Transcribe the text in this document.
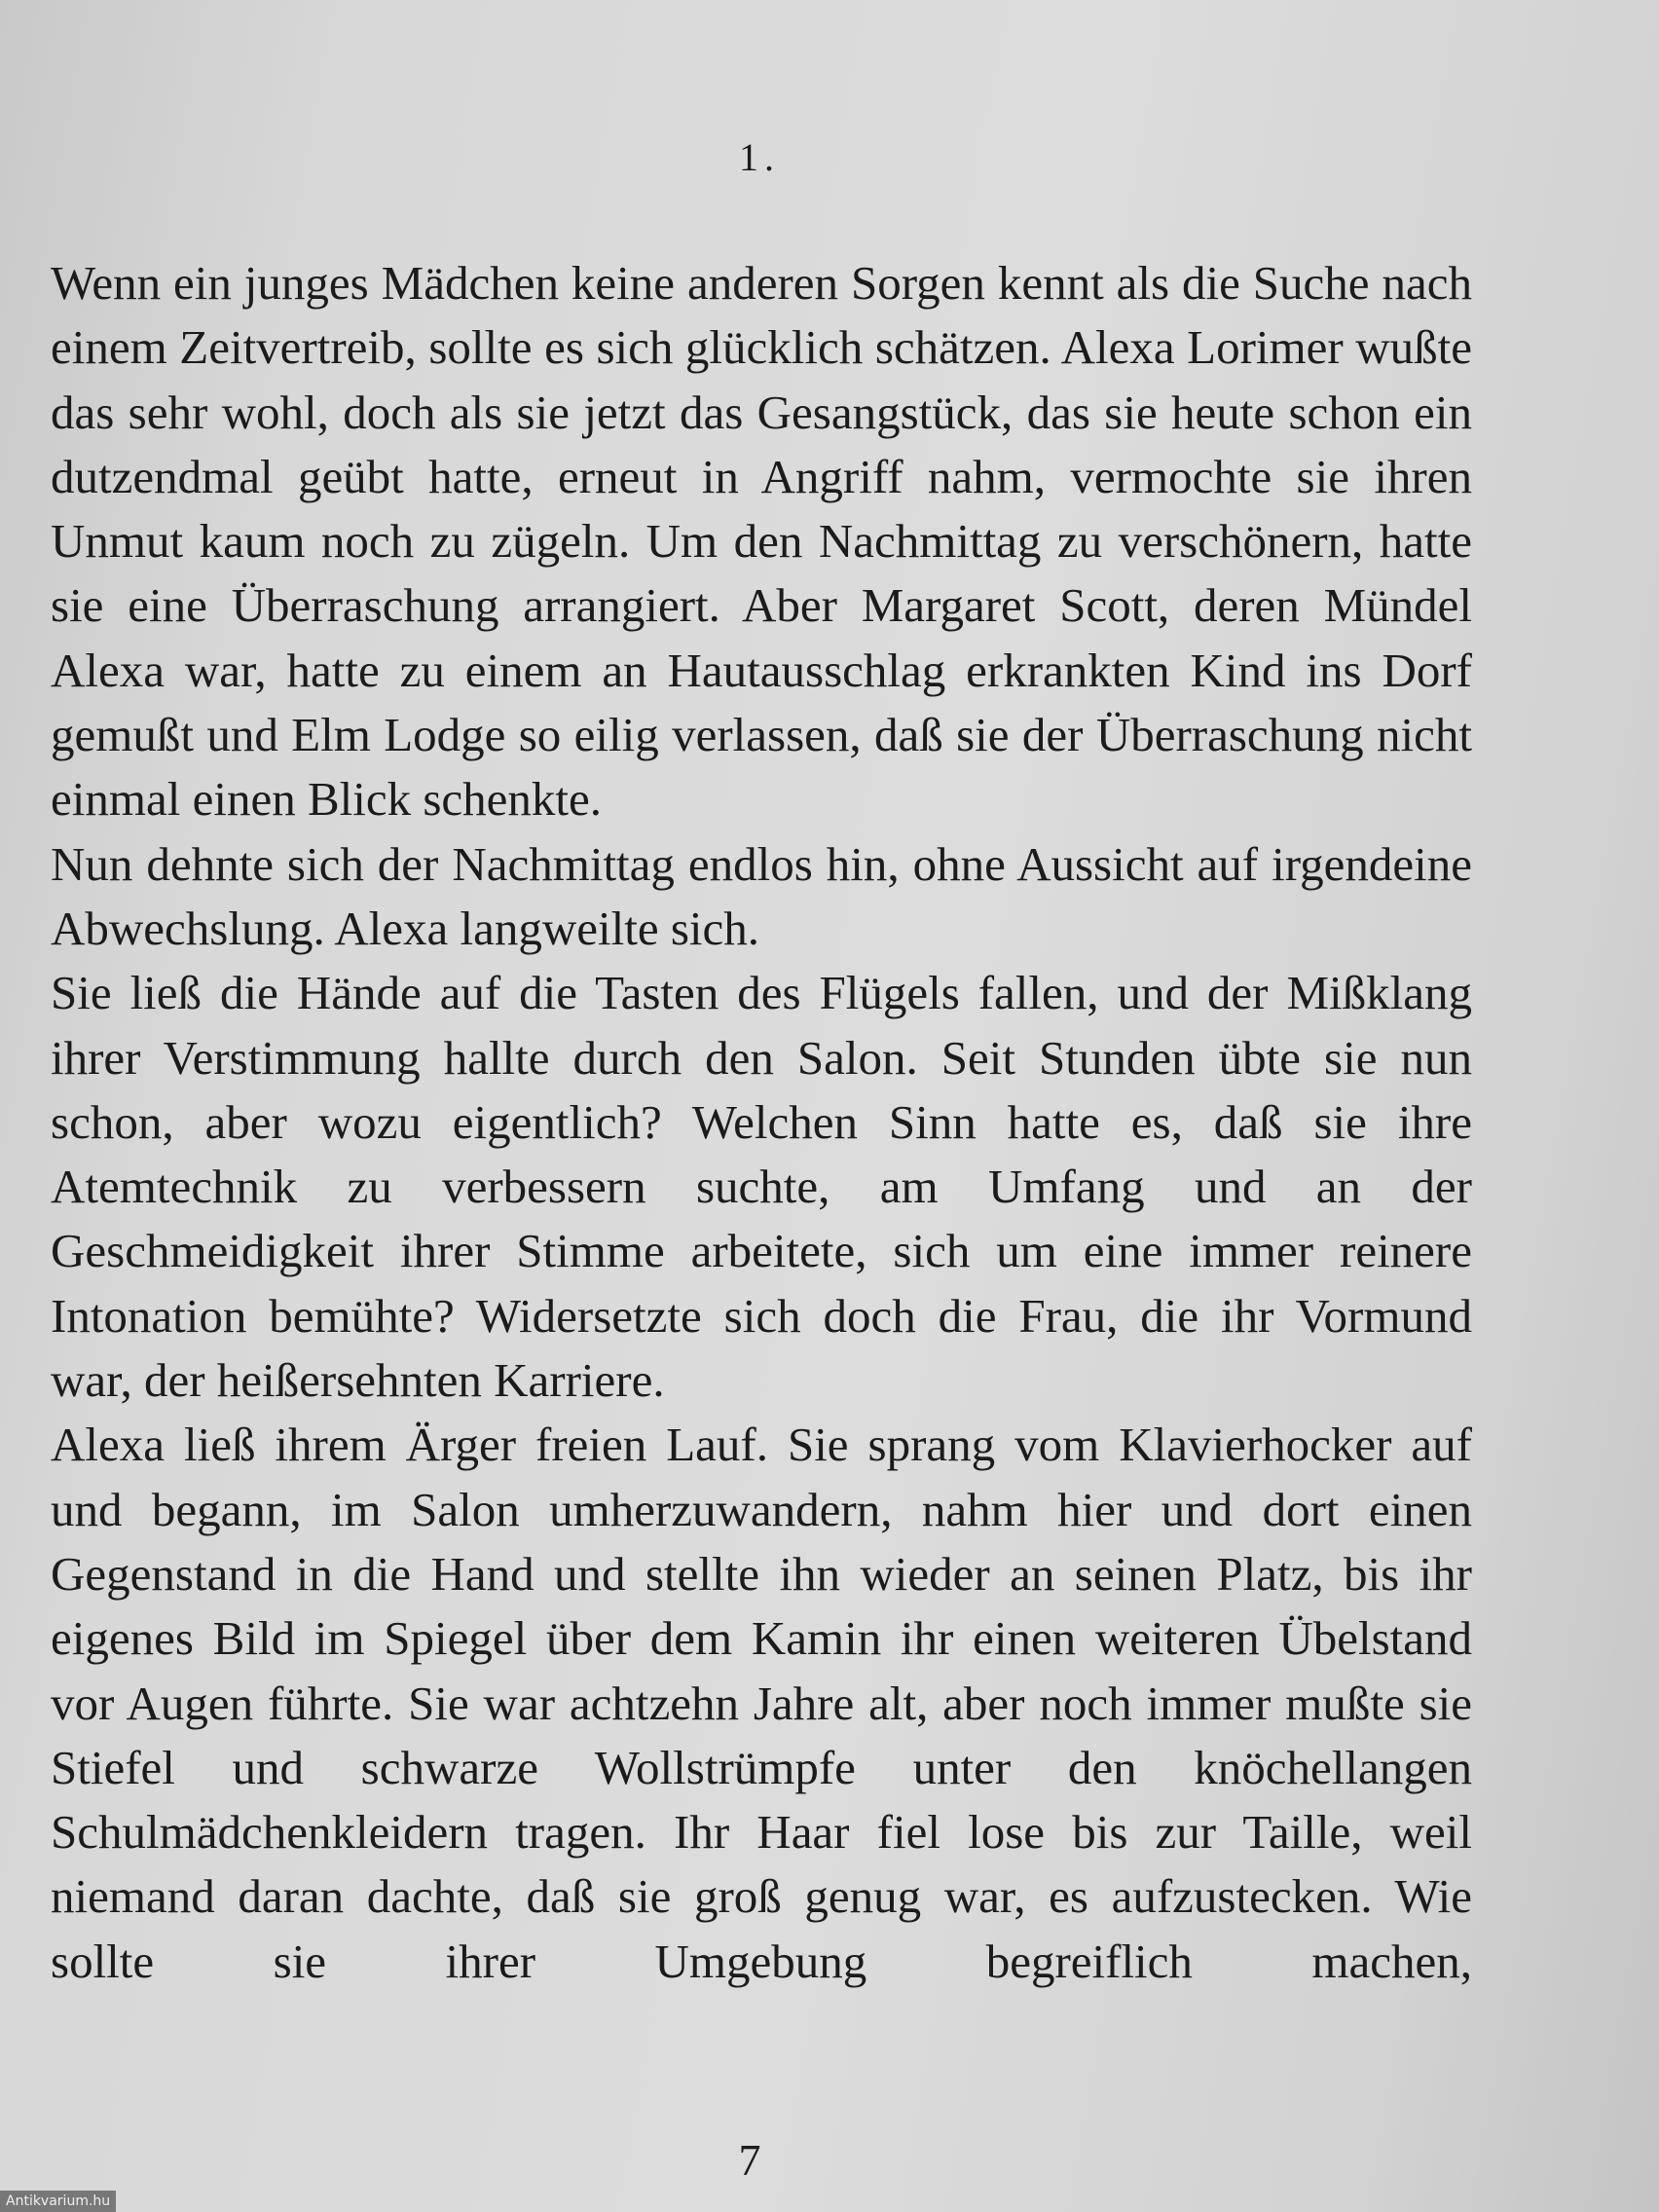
1.

Wenn ein junges Mädchen keine anderen Sorgen kennt als die Suche nach einem Zeitvertreib, sollte es sich glücklich schätzen. Alexa Lorimer wußte das sehr wohl, doch als sie jetzt das Gesangstück, das sie heute schon ein dutzendmal geübt hatte, erneut in Angriff nahm, vermochte sie ihren Unmut kaum noch zu zügeln. Um den Nachmittag zu verschönern, hatte sie eine Überraschung arrangiert. Aber Margaret Scott, deren Mündel Alexa war, hatte zu einem an Hautausschlag erkrankten Kind ins Dorf gemußt und Elm Lodge so eilig verlassen, daß sie der Überraschung nicht einmal einen Blick schenkte.

Nun dehnte sich der Nachmittag endlos hin, ohne Aussicht auf irgendeine Abwechslung. Alexa langweilte sich.

Sie ließ die Hände auf die Tasten des Flügels fallen, und der Mißklang ihrer Verstimmung hallte durch den Salon. Seit Stunden übte sie nun schon, aber wozu eigentlich? Welchen Sinn hatte es, daß sie ihre Atemtechnik zu verbessern suchte, am Umfang und an der Geschmeidigkeit ihrer Stimme arbeitete, sich um eine immer reinere Intonation bemühte? Widersetzte sich doch die Frau, die ihr Vormund war, der heißersehnten Karriere.

Alexa ließ ihrem Ärger freien Lauf. Sie sprang vom Klavierhocker auf und begann, im Salon umherzuwandern, nahm hier und dort einen Gegenstand in die Hand und stellte ihn wieder an seinen Platz, bis ihr eigenes Bild im Spiegel über dem Kamin ihr einen weiteren Übelstand vor Augen führte. Sie war achtzehn Jahre alt, aber noch immer mußte sie Stiefel und schwarze Wollstrümpfe unter den knöchellangen Schulmädchenkleidern tragen. Ihr Haar fiel lose bis zur Taille, weil niemand daran dachte, daß sie groß genug war, es aufzustecken. Wie sollte sie ihrer Umgebung begreiflich machen,

7
Antikvarium.hu
